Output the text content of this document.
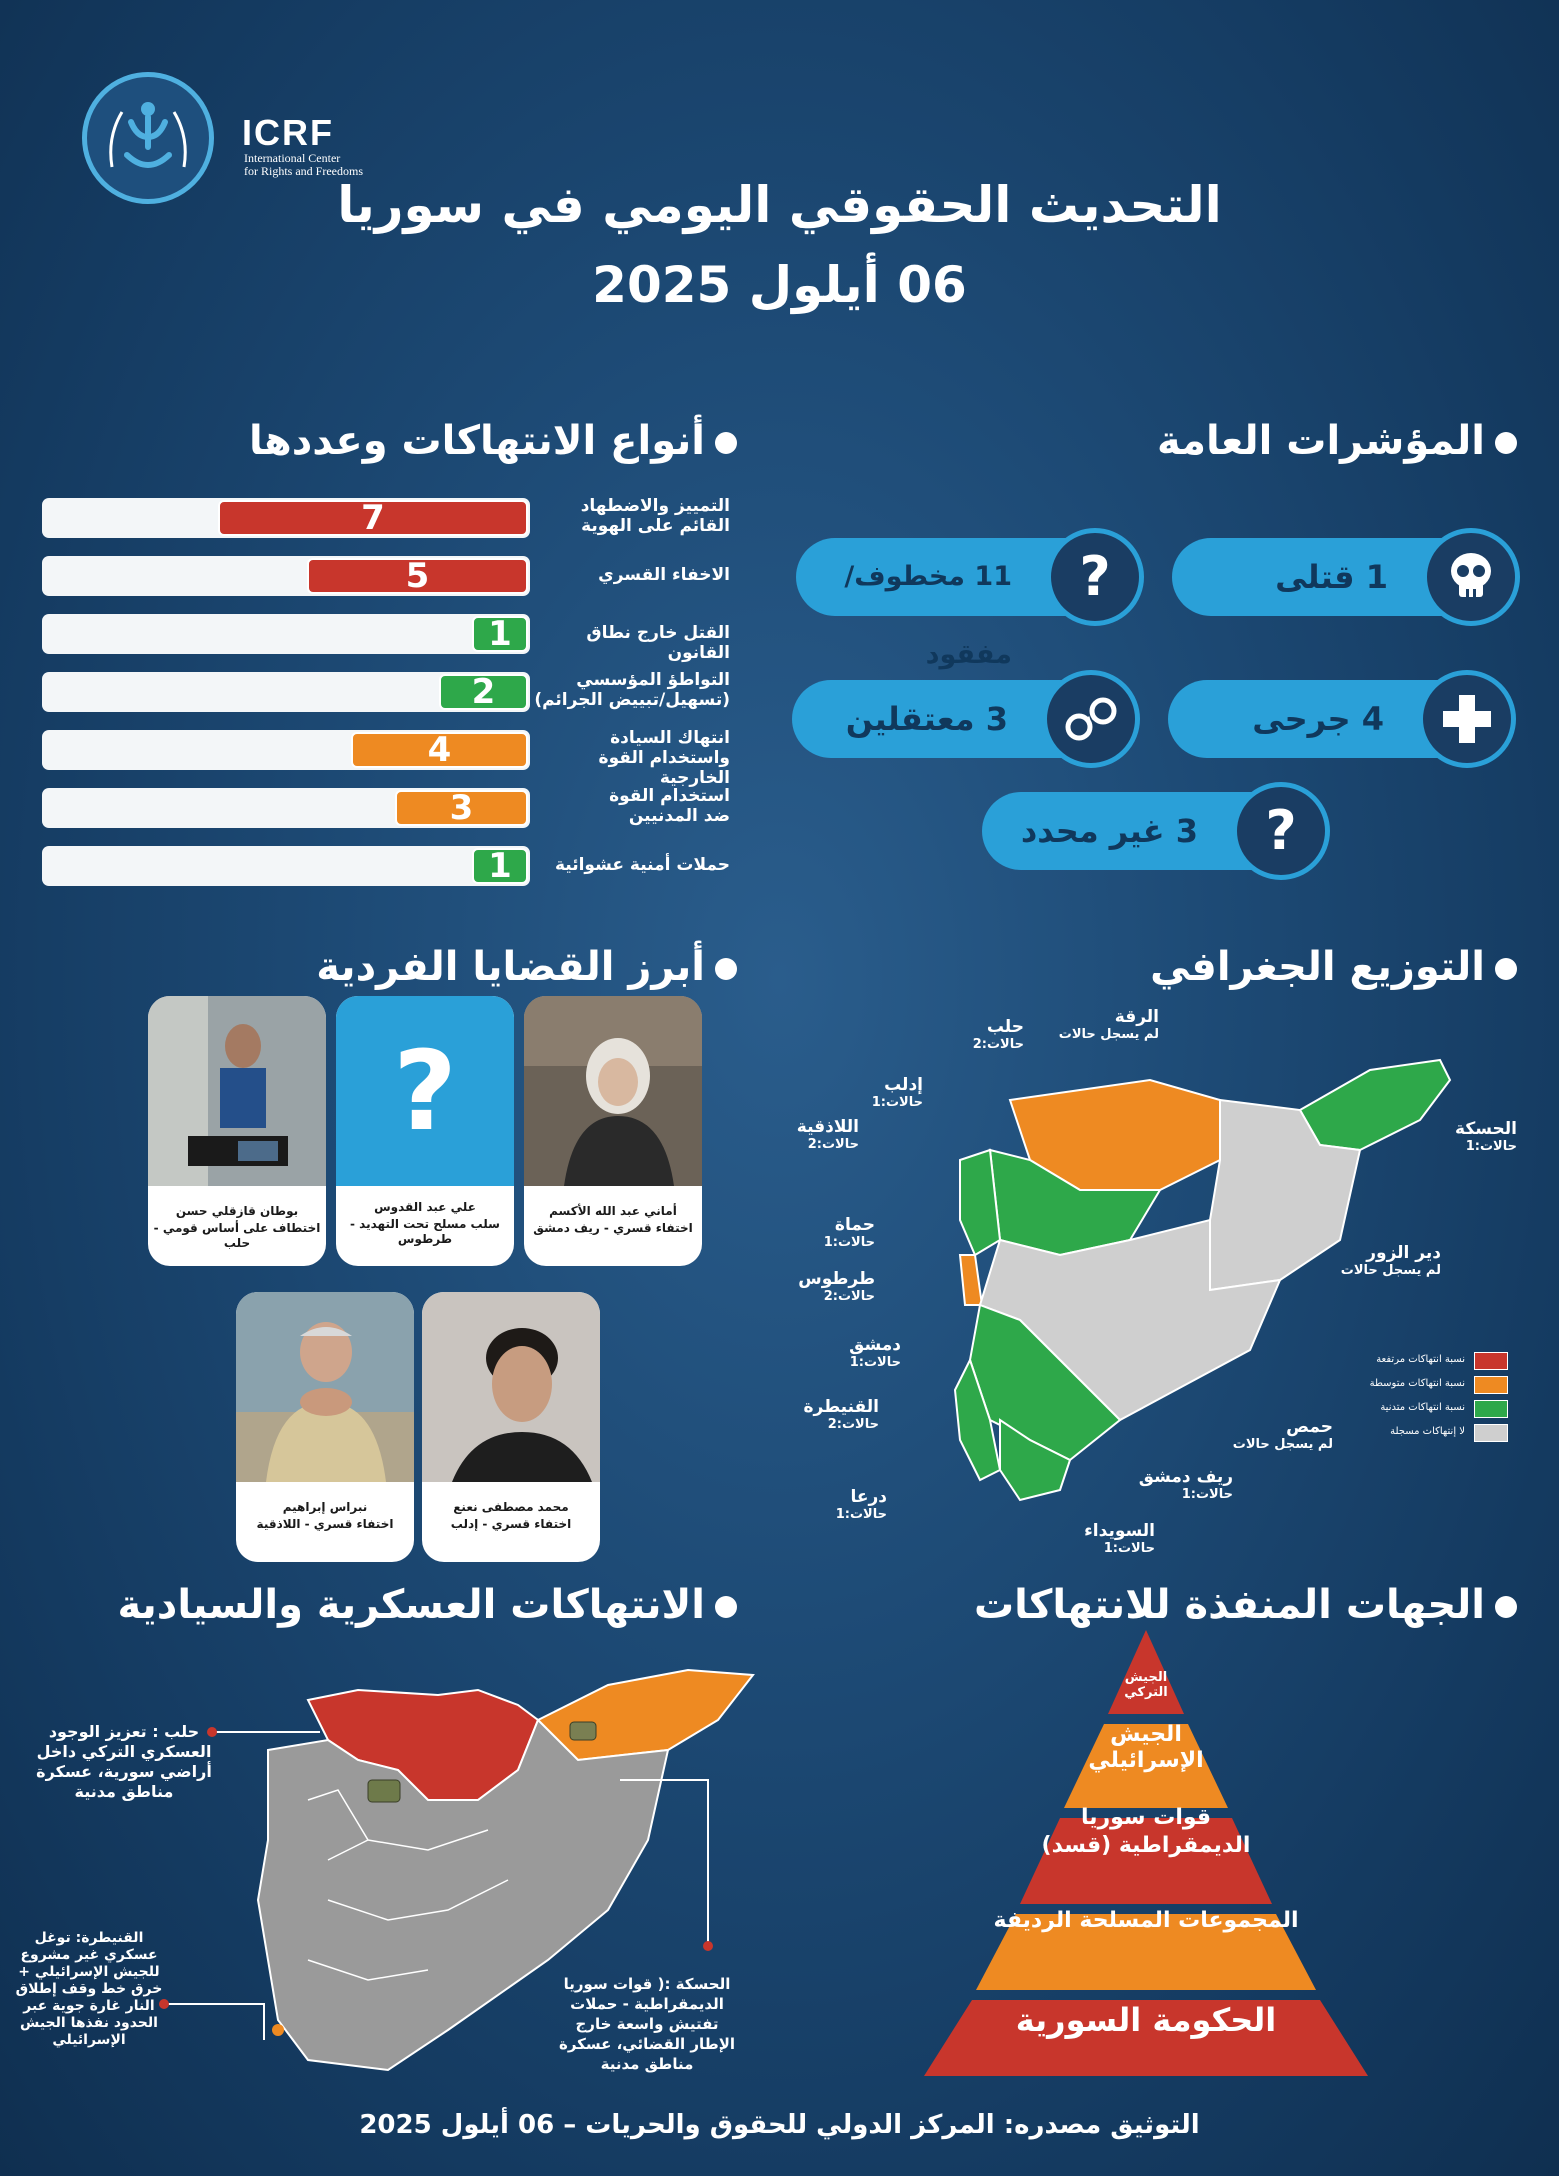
ICRF
International Center
for Rights and Freedoms
التحديث الحقوقي اليومي في سوريا
06 أيلول 2025
أنواع الانتهاكات وعددها
7	التمييز والاضطهاد
القائم على الهوية
5	الاخفاء القسري
1	القتل خارج نطاق القانون
2	التواطؤ المؤسسي
(تسهيل/تبييض الجرائم)
4	انتهاك السيادة
واستخدام القوة الخارجية
3	استخدام القوة
ضد المدنيين
1	حملات أمنية عشوائية
المؤشرات العامة
1 قتلى
11 مخطوف/مفقود
?
4 جرحى
3 معتقلين
3 غير محدد	?
أبرز القضايا الفردية
أماني عبد الله الأكسم
اختفاء قسري - ريف دمشق
?
علي عبد القدوس
سلب مسلح تحت التهديد - طرطوس
بوطان قازقلي حسن
اختطاف على أساس قومي - حلب
محمد مصطفى نعنع
اختفاء قسري - إدلب
نبراس إبراهيم
اختفاء قسري - اللاذقية
التوزيع الجغرافي
حلب
حالات:2
الرقة
لم يسجل حالات
إدلب
حالات:1
اللاذقية
حالات:2
الحسكة
حالات:1
حماة
حالات:1
طرطوس
حالات:2
دير الزور
لم يسجل حالات
دمشق
حالات:1
القنيطرة
حالات:2	حمص
لم يسجل حالات
ريف دمشق
حالات:1
درعا
حالات:1
السويداء
حالات:1
نسبة انتهاكات مرتفعة
نسبة انتهاكات متوسطة
نسبة انتهاكات متدنية
لا إنتهاكات مسجلة
الانتهاكات العسكرية والسيادية
حلب : تعزيز الوجود العسكري التركي داخل أراضي سورية، عسكرة مناطق مدنية
القنيطرة: توغل عسكري غير مشروع للجيش الإسرائيلي + خرق خط وقف إطلاق النار غارة جوية عبر الحدود نفذها الجيش الإسرائيلي
الحسكة :( قوات سوريا الديمقراطية - حملات تفتيش واسعة خارج الإطار القضائي، عسكرة مناطق مدنية
الجهات المنفذة للانتهاكات
الجيش
التركي
الجيش
الإسرائيلي
قوات سوريا
الديمقراطية (قسد)
المجموعات المسلحة الرديفة
الحكومة السورية
التوثيق مصدره: المركز الدولي للحقوق والحريات – 06 أيلول 2025
